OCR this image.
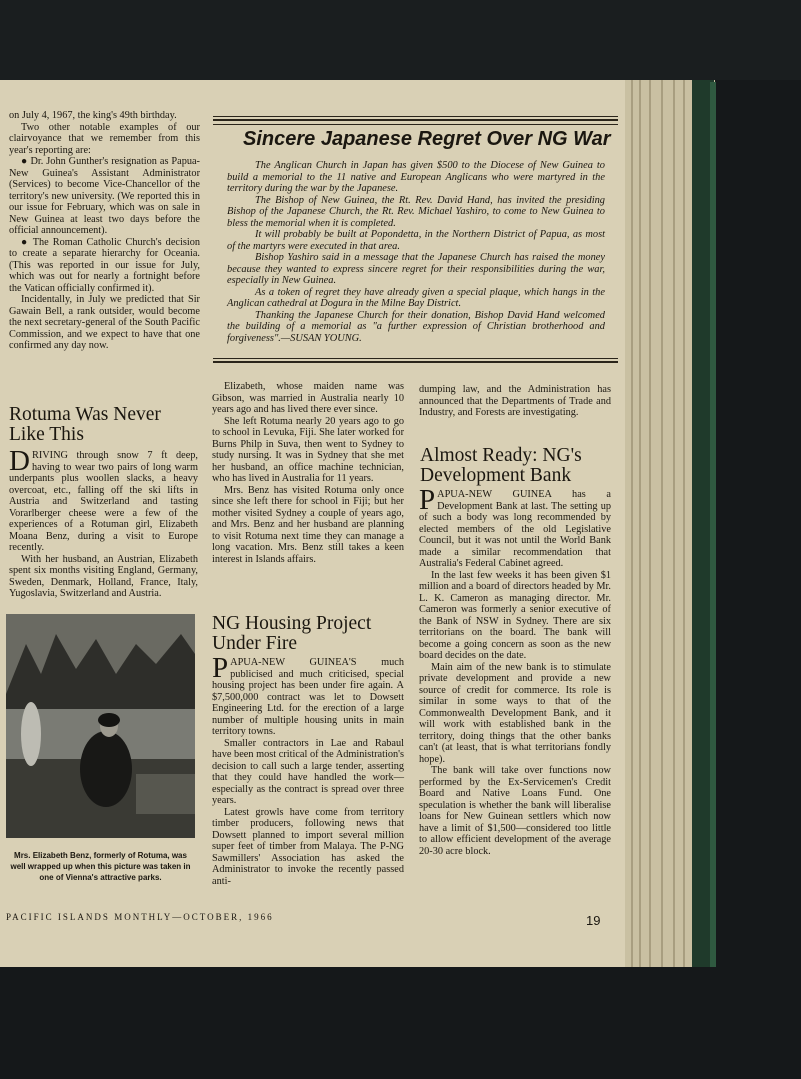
on July 4, 1967, the king's 49th birthday.

Two other notable examples of our clairvoyance that we remember from this year's reporting are:

● Dr. John Gunther's resignation as Papua-New Guinea's Assistant Administrator (Services) to become Vice-Chancellor of the territory's new university. (We reported this in our issue for February, which was on sale in New Guinea at least two days before the official announcement).

● The Roman Catholic Church's decision to create a separate hierarchy for Oceania. (This was reported in our issue for July, which was out for nearly a fortnight before the Vatican officially confirmed it).

Incidentally, in July we predicted that Sir Gawain Bell, a rank outsider, would become the next secretary-general of the South Pacific Commission, and we expect to have that one confirmed any day now.

Rotuma Was Never Like This

DRIVING through snow 7 ft deep, having to wear two pairs of long warm underpants plus woollen slacks, a heavy overcoat, etc., falling off the ski lifts in Austria and Switzerland and tasting Vorarlberger cheese were a few of the experiences of a Rotuman girl, Elizabeth Moana Benz, during a visit to Europe recently.

With her husband, an Austrian, Elizabeth spent six months visiting England, Germany, Sweden, Denmark, Holland, France, Italy, Yugoslavia, Switzerland and Austria.

Mrs. Elizabeth Benz, formerly of Rotuma, was well wrapped up when this picture was taken in one of Vienna's attractive parks.
Sincere Japanese Regret Over NG War

The Anglican Church in Japan has given $500 to the Diocese of New Guinea to build a memorial to the 11 native and European Anglicans who were martyred in the territory during the war by the Japanese.

The Bishop of New Guinea, the Rt. Rev. David Hand, has invited the presiding Bishop of the Japanese Church, the Rt. Rev. Michael Yashiro, to come to New Guinea to bless the memorial when it is completed.

It will probably be built at Popondetta, in the Northern District of Papua, as most of the martyrs were executed in that area.

Bishop Yashiro said in a message that the Japanese Church has raised the money because they wanted to express sincere regret for their responsibilities during the war, especially in New Guinea.

As a token of regret they have already given a special plaque, which hangs in the Anglican cathedral at Dogura in the Milne Bay District.

Thanking the Japanese Church for their donation, Bishop David Hand welcomed the building of a memorial as "a further expression of Christian brotherhood and forgiveness".—SUSAN YOUNG.

Elizabeth, whose maiden name was Gibson, was married in Australia nearly 10 years ago and has lived there ever since.

She left Rotuma nearly 20 years ago to go to school in Levuka, Fiji. She later worked for Burns Philp in Suva, then went to Sydney to study nursing. It was in Sydney that she met her husband, an office machine technician, who has lived in Australia for 11 years.

Mrs. Benz has visited Rotuma only once since she left there for school in Fiji; but her mother visited Sydney a couple of years ago, and Mrs. Benz and her husband are planning to visit Rotuma next time they can manage a long vacation. Mrs. Benz still takes a keen interest in Islands affairs.

NG Housing Project Under Fire

PAPUA-NEW GUINEA'S much publicised and much criticised, special housing project has been under fire again. A $7,500,000 contract was let to Dowsett Engineering Ltd. for the erection of a large number of multiple housing units in main territory towns.

Smaller contractors in Lae and Rabaul have been most critical of the Administration's decision to call such a large tender, asserting that they could have handled the work—especially as the contract is spread over three years.

Latest growls have come from territory timber producers, following news that Dowsett planned to import several million super feet of timber from Malaya. The P-NG Sawmillers' Association has asked the Administrator to invoke the recently passed anti-

dumping law, and the Administration has announced that the Departments of Trade and Industry, and Forests are investigating.

Almost Ready: NG's Development Bank

PAPUA-NEW GUINEA has a Development Bank at last. The setting up of such a body was long recommended by elected members of the old Legislative Council, but it was not until the World Bank made a similar recommendation that Australia's Federal Cabinet agreed.

In the last few weeks it has been given $1 million and a board of directors headed by Mr. L. K. Cameron as managing director. Mr. Cameron was formerly a senior executive of the Bank of NSW in Sydney. There are six territorians on the board. The bank will become a going concern as soon as the new board decides on the date.

Main aim of the new bank is to stimulate private development and provide a new source of credit for commerce. Its role is similar in some ways to that of the Commonwealth Development Bank, and it will work with established bank in the territory, doing things that the other banks can't (at least, that is what territorians fondly hope).

The bank will take over functions now performed by the Ex-Servicemen's Credit Board and Native Loans Fund. One speculation is whether the bank will liberalise loans for New Guinean settlers which now have a limit of $1,500—considered too little to allow efficient development of the average 20-30 acre block.

PACIFIC ISLANDS MONTHLY—OCTOBER, 1966	19
